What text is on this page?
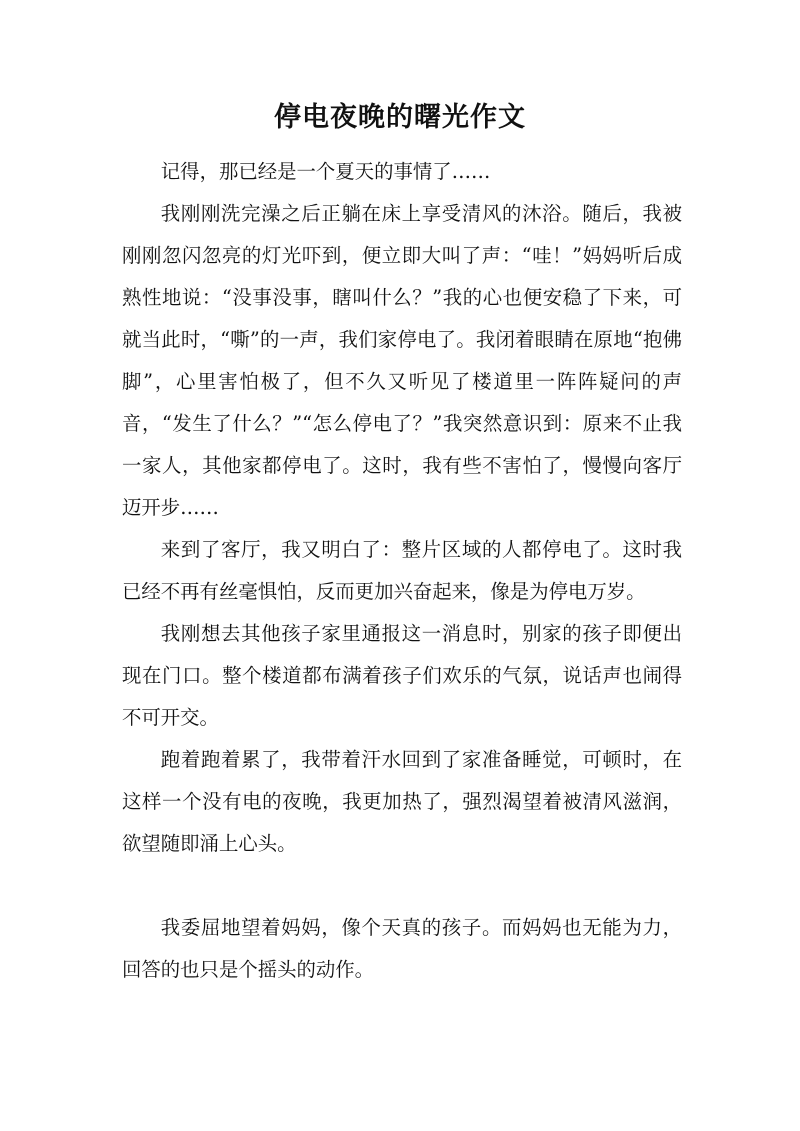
停电夜晚的曙光作文

记得，那已经是一个夏天的事情了……

我刚刚洗完澡之后正躺在床上享受清风的沐浴。随后，我被刚刚忽闪忽亮的灯光吓到，便立即大叫了声：“哇！”妈妈听后成熟性地说：“没事没事，瞎叫什么？”我的心也便安稳了下来，可就当此时，“嘶”的一声，我们家停电了。我闭着眼睛在原地“抱佛脚”，心里害怕极了，但不久又听见了楼道里一阵阵疑问的声音，“发生了什么？”“怎么停电了？”我突然意识到：原来不止我一家人，其他家都停电了。这时，我有些不害怕了，慢慢向客厅迈开步……

来到了客厅，我又明白了：整片区域的人都停电了。这时我已经不再有丝毫惧怕，反而更加兴奋起来，像是为停电万岁。

我刚想去其他孩子家里通报这一消息时，别家的孩子即便出现在门口。整个楼道都布满着孩子们欢乐的气氛，说话声也闹得不可开交。

跑着跑着累了，我带着汗水回到了家准备睡觉，可顿时，在这样一个没有电的夜晚，我更加热了，强烈渴望着被清风滋润，欲望随即涌上心头。

我委屈地望着妈妈，像个天真的孩子。而妈妈也无能为力，回答的也只是个摇头的动作。
